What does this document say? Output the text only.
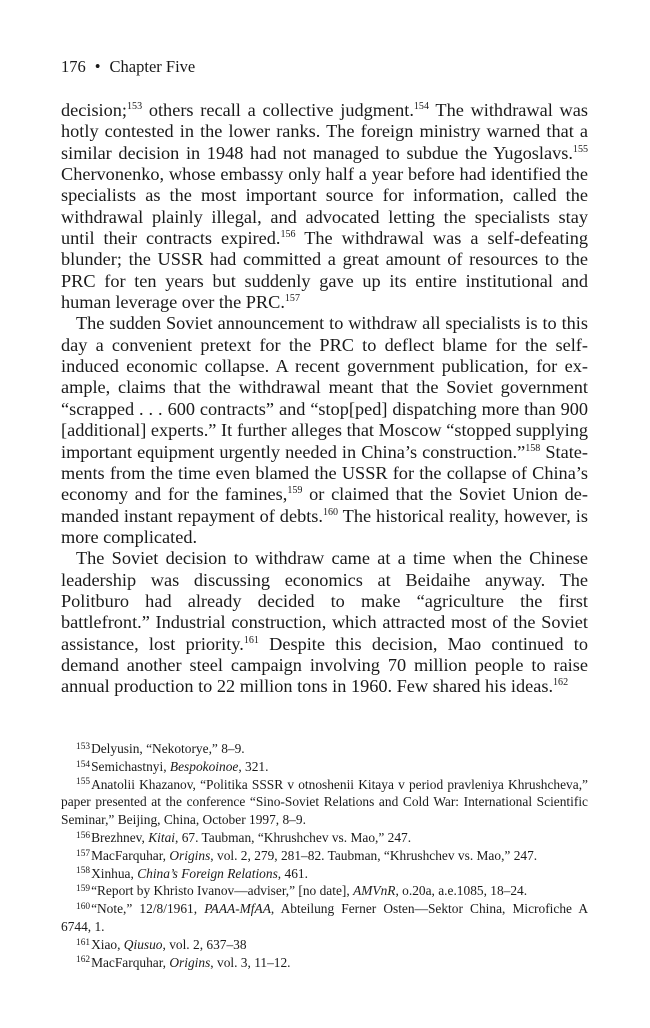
176 • Chapter Five

decision;$^{153}$ others recall a collective judgment.$^{154}$ The withdrawal was hotly contested in the lower ranks. The foreign ministry warned that a similar decision in 1948 had not managed to subdue the Yugoslavs.$^{155}$ Chervonenko, whose embassy only half a year before had identified the specialists as the most important source for information, called the withdrawal plainly illegal, and advocated letting the specialists stay until their contracts expired.$^{156}$ The withdrawal was a self-defeating blunder; the USSR had committed a great amount of resources to the PRC for ten years but suddenly gave up its entire institutional and human leverage over the PRC.$^{157}$

The sudden Soviet announcement to withdraw all specialists is to this day a convenient pretext for the PRC to deflect blame for the self-induced economic collapse. A recent government publication, for example, claims that the withdrawal meant that the Soviet government “scrapped . . . 600 contracts” and “stop[ped] dispatching more than 900 [additional] experts.” It further alleges that Moscow “stopped supplying important equipment urgently needed in China’s construction.”$^{158}$ Statements from the time even blamed the USSR for the collapse of China’s economy and for the famines,$^{159}$ or claimed that the Soviet Union demanded instant repayment of debts.$^{160}$ The historical reality, however, is more complicated.

The Soviet decision to withdraw came at a time when the Chinese leadership was discussing economics at Beidaihe anyway. The Politburo had already decided to make “agriculture the first battlefront.” Industrial construction, which attracted most of the Soviet assistance, lost priority.$^{161}$ Despite this decision, Mao continued to demand another steel campaign involving 70 million people to raise annual production to 22 million tons in 1960. Few shared his ideas.$^{162}$

$^{153}$Delyusin, “Nekotorye,” 8–9.

$^{154}$Semichastnyi, Bespokoinoe, 321.

$^{155}$Anatolii Khazanov, “Politika SSSR v otnoshenii Kitaya v period pravleniya Khrushcheva,” paper presented at the conference “Sino-Soviet Relations and Cold War: International Scientific Seminar,” Beijing, China, October 1997, 8–9.

$^{156}$Brezhnev, Kitai, 67. Taubman, “Khrushchev vs. Mao,” 247.

$^{157}$MacFarquhar, Origins, vol. 2, 279, 281–82. Taubman, “Khrushchev vs. Mao,” 247.

$^{158}$Xinhua, China’s Foreign Relations, 461.

$^{159}$“Report by Khristo Ivanov—adviser,” [no date], AMVnR, o.20a, a.e.1085, 18–24.

$^{160}$“Note,” 12/8/1961, PAAA-MfAA, Abteilung Ferner Osten—Sektor China, Microfiche A 6744, 1.

$^{161}$Xiao, Qiusuo, vol. 2, 637–38

$^{162}$MacFarquhar, Origins, vol. 3, 11–12.
